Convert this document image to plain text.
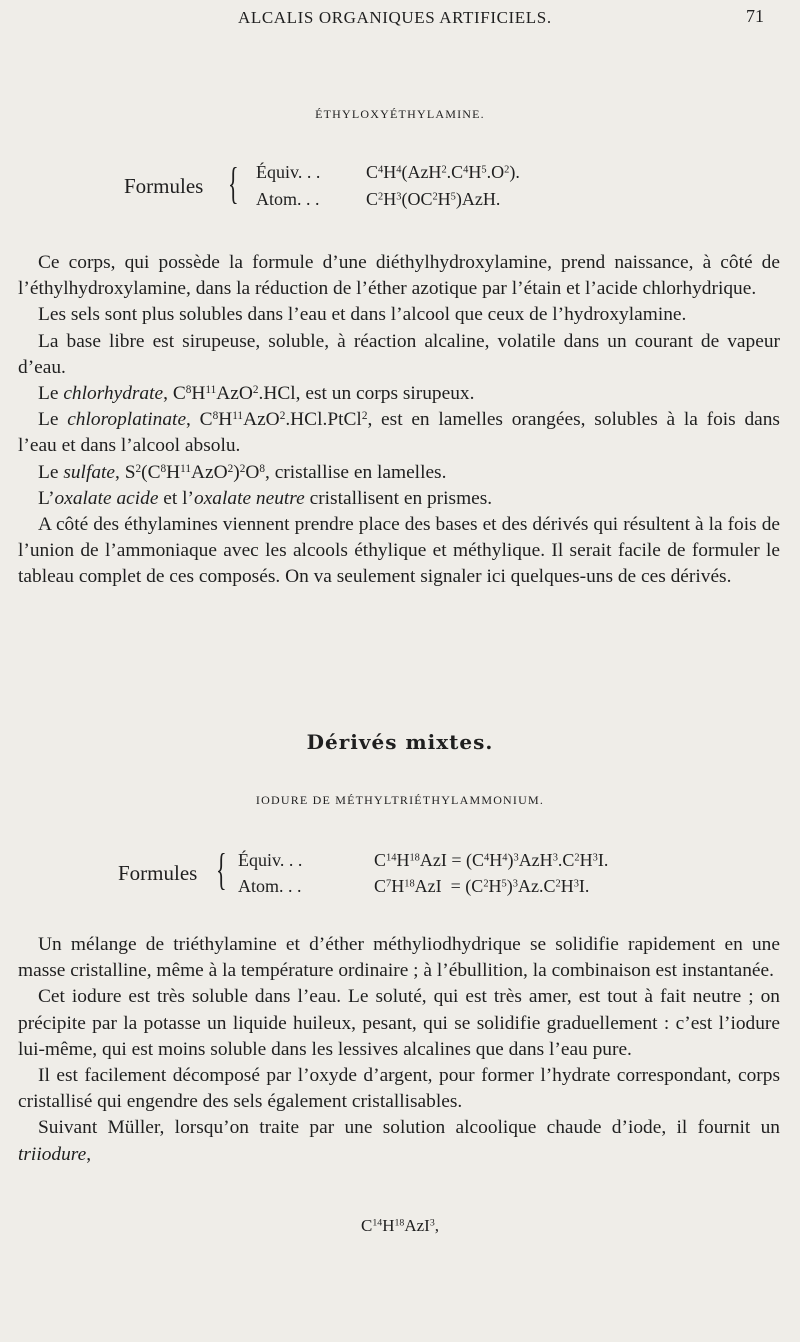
ALCALIS ORGANIQUES ARTIFICIELS.	71
ÉTHYLOXYÉTHYLAMINE.
Formules { Équiv. . .	$C^4H^4(AzH^2.C^4H^5.O^2)$.
Atom. . .	$C^2H^3(OC^2H^5)AzH$.

Ce corps, qui possède la formule d’une diéthylhydroxylamine, prend naissance, à côté de l’éthylhydroxylamine, dans la réduction de l’éther azotique par l’étain et l’acide chlorhydrique.

Les sels sont plus solubles dans l’eau et dans l’alcool que ceux de l’hydroxylamine.

La base libre est sirupeuse, soluble, à réaction alcaline, volatile dans un courant de vapeur d’eau.

Le chlorhydrate, $C^8H^{11}AzO^2.HCl$, est un corps sirupeux.

Le chloroplatinate, $C^8H^{11}AzO^2.HCl.PtCl^2$, est en lamelles orangées, solubles à la fois dans l’eau et dans l’alcool absolu.

Le sulfate, $S^2(C^8H^{11}AzO^2)^2O^8$, cristallise en lamelles.

L’oxalate acide et l’oxalate neutre cristallisent en prismes.

A côté des éthylamines viennent prendre place des bases et des dérivés qui résultent à la fois de l’union de l’ammoniaque avec les alcools éthylique et méthylique. Il serait facile de formuler le tableau complet de ces composés. On va seulement signaler ici quelques-uns de ces dérivés.

Dérivés mixtes.
IODURE DE MÉTHYLTRIÉTHYLAMMONIUM.
Formules { Équiv. . .	$C^{14}H^{18}AzI = (C^4H^4)^3AzH^3.C^2H^3I$.
Atom. . .	$C^7H^{18}AzI = (C^2H^5)^3Az.C^2H^3I$.

Un mélange de triéthylamine et d’éther méthyliodhydrique se solidifie rapidement en une masse cristalline, même à la température ordinaire ; à l’ébullition, la combinaison est instantanée.

Cet iodure est très soluble dans l’eau. Le soluté, qui est très amer, est tout à fait neutre ; on précipite par la potasse un liquide huileux, pesant, qui se solidifie graduellement : c’est l’iodure lui-même, qui est moins soluble dans les lessives alcalines que dans l’eau pure.

Il est facilement décomposé par l’oxyde d’argent, pour former l’hydrate correspondant, corps cristallisé qui engendre des sels également cristallisables.

Suivant Müller, lorsqu’on traite par une solution alcoolique chaude d’iode, il fournit un triiodure,

$C^{14}H^{18}AzI^3$,
